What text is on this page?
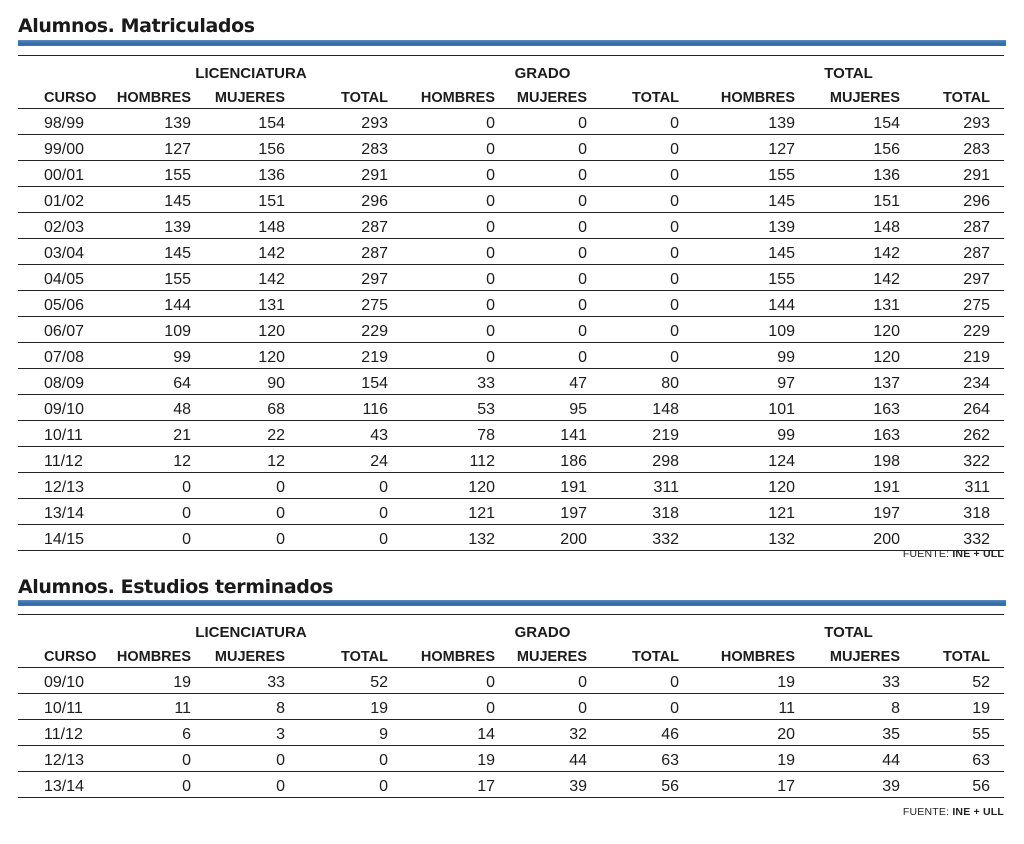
Alumnos. Matriculados

	LICENCIATURA			GRADO			TOTAL		
CURSO	HOMBRES	MUJERES	TOTAL	HOMBRES	MUJERES	TOTAL	HOMBRES	MUJERES	TOTAL
98/99	139	154	293	0	0	0	139	154	293
99/00	127	156	283	0	0	0	127	156	283
00/01	155	136	291	0	0	0	155	136	291
01/02	145	151	296	0	0	0	145	151	296
02/03	139	148	287	0	0	0	139	148	287
03/04	145	142	287	0	0	0	145	142	287
04/05	155	142	297	0	0	0	155	142	297
05/06	144	131	275	0	0	0	144	131	275
06/07	109	120	229	0	0	0	109	120	229
07/08	99	120	219	0	0	0	99	120	219
08/09	64	90	154	33	47	80	97	137	234
09/10	48	68	116	53	95	148	101	163	264
10/11	21	22	43	78	141	219	99	163	262
11/12	12	12	24	112	186	298	124	198	322
12/13	0	0	0	120	191	311	120	191	311
13/14	0	0	0	121	197	318	121	197	318
14/15	0	0	0	132	200	332	132	200	332
FUENTE: INE + ULL
Alumnos. Estudios terminados

	LICENCIATURA			GRADO			TOTAL		
CURSO	HOMBRES	MUJERES	TOTAL	HOMBRES	MUJERES	TOTAL	HOMBRES	MUJERES	TOTAL
09/10	19	33	52	0	0	0	19	33	52
10/11	11	8	19	0	0	0	11	8	19
11/12	6	3	9	14	32	46	20	35	55
12/13	0	0	0	19	44	63	19	44	63
13/14	0	0	0	17	39	56	17	39	56
FUENTE: INE + ULL
